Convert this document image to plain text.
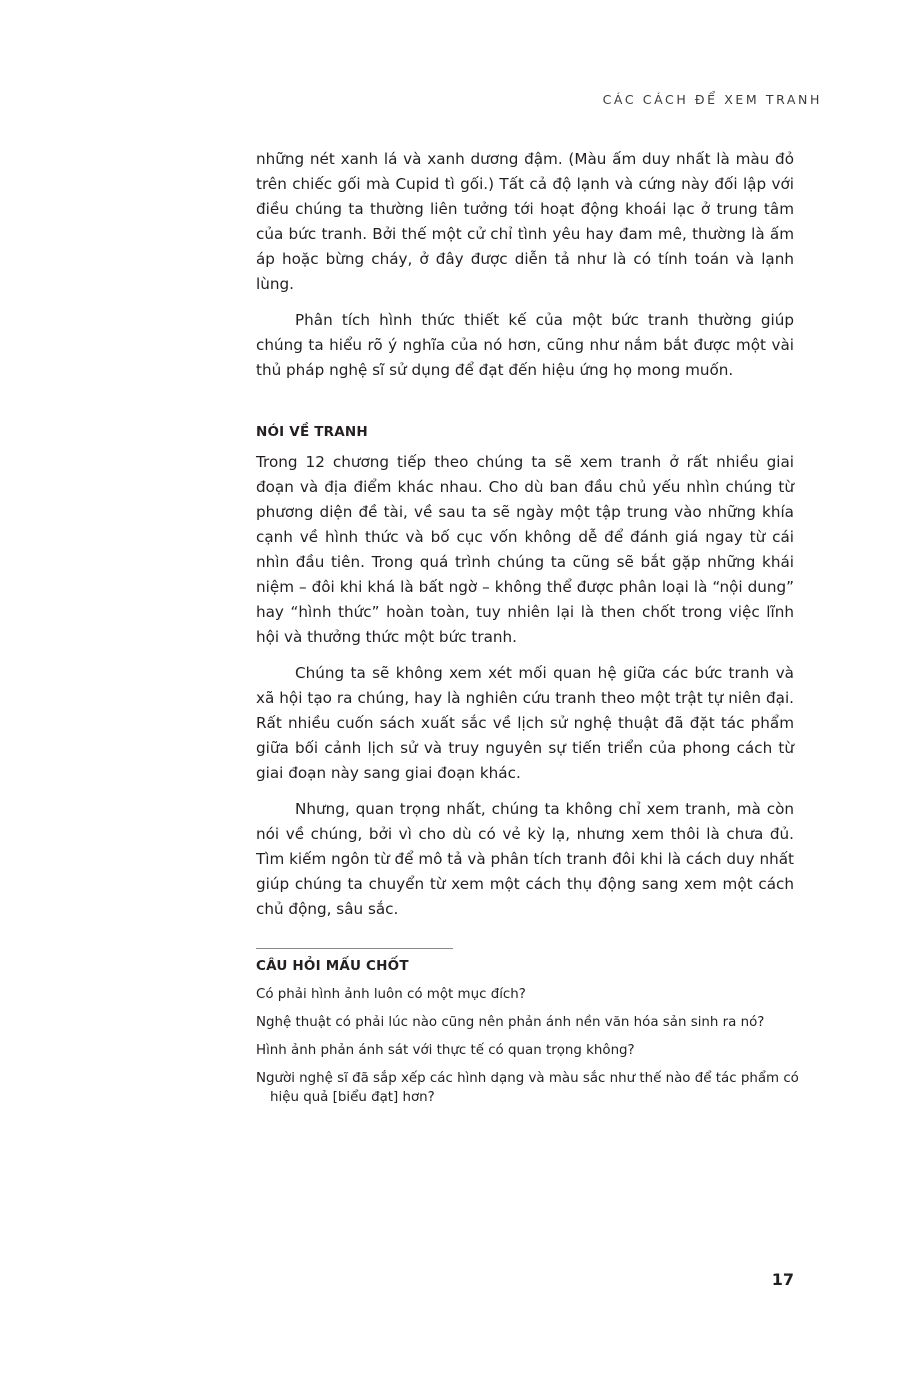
CÁC CÁCH ĐỂ XEM TRANH

những nét xanh lá và xanh dương đậm. (Màu ấm duy nhất là màu đỏ trên chiếc gối mà Cupid tì gối.) Tất cả độ lạnh và cứng này đối lập với điều chúng ta thường liên tưởng tới hoạt động khoái lạc ở trung tâm của bức tranh. Bởi thế một cử chỉ tình yêu hay đam mê, thường là ấm áp hoặc bừng cháy, ở đây được diễn tả như là có tính toán và lạnh lùng.

Phân tích hình thức thiết kế của một bức tranh thường giúp chúng ta hiểu rõ ý nghĩa của nó hơn, cũng như nắm bắt được một vài thủ pháp nghệ sĩ sử dụng để đạt đến hiệu ứng họ mong muốn.

NÓI VỀ TRANH

Trong 12 chương tiếp theo chúng ta sẽ xem tranh ở rất nhiều giai đoạn và địa điểm khác nhau. Cho dù ban đầu chủ yếu nhìn chúng từ phương diện đề tài, về sau ta sẽ ngày một tập trung vào những khía cạnh về hình thức và bố cục vốn không dễ để đánh giá ngay từ cái nhìn đầu tiên. Trong quá trình chúng ta cũng sẽ bắt gặp những khái niệm – đôi khi khá là bất ngờ – không thể được phân loại là “nội dung” hay “hình thức” hoàn toàn, tuy nhiên lại là then chốt trong việc lĩnh hội và thưởng thức một bức tranh.

Chúng ta sẽ không xem xét mối quan hệ giữa các bức tranh và xã hội tạo ra chúng, hay là nghiên cứu tranh theo một trật tự niên đại. Rất nhiều cuốn sách xuất sắc về lịch sử nghệ thuật đã đặt tác phẩm giữa bối cảnh lịch sử và truy nguyên sự tiến triển của phong cách từ giai đoạn này sang giai đoạn khác.

Nhưng, quan trọng nhất, chúng ta không chỉ xem tranh, mà còn nói về chúng, bởi vì cho dù có vẻ kỳ lạ, nhưng xem thôi là chưa đủ. Tìm kiếm ngôn từ để mô tả và phân tích tranh đôi khi là cách duy nhất giúp chúng ta chuyển từ xem một cách thụ động sang xem một cách chủ động, sâu sắc.

CÂU HỎI MẤU CHỐT
Có phải hình ảnh luôn có một mục đích?
Nghệ thuật có phải lúc nào cũng nên phản ánh nền văn hóa sản sinh ra nó?
Hình ảnh phản ánh sát với thực tế có quan trọng không?
Người nghệ sĩ đã sắp xếp các hình dạng và màu sắc như thế nào để tác phẩm có hiệu quả [biểu đạt] hơn?
17
